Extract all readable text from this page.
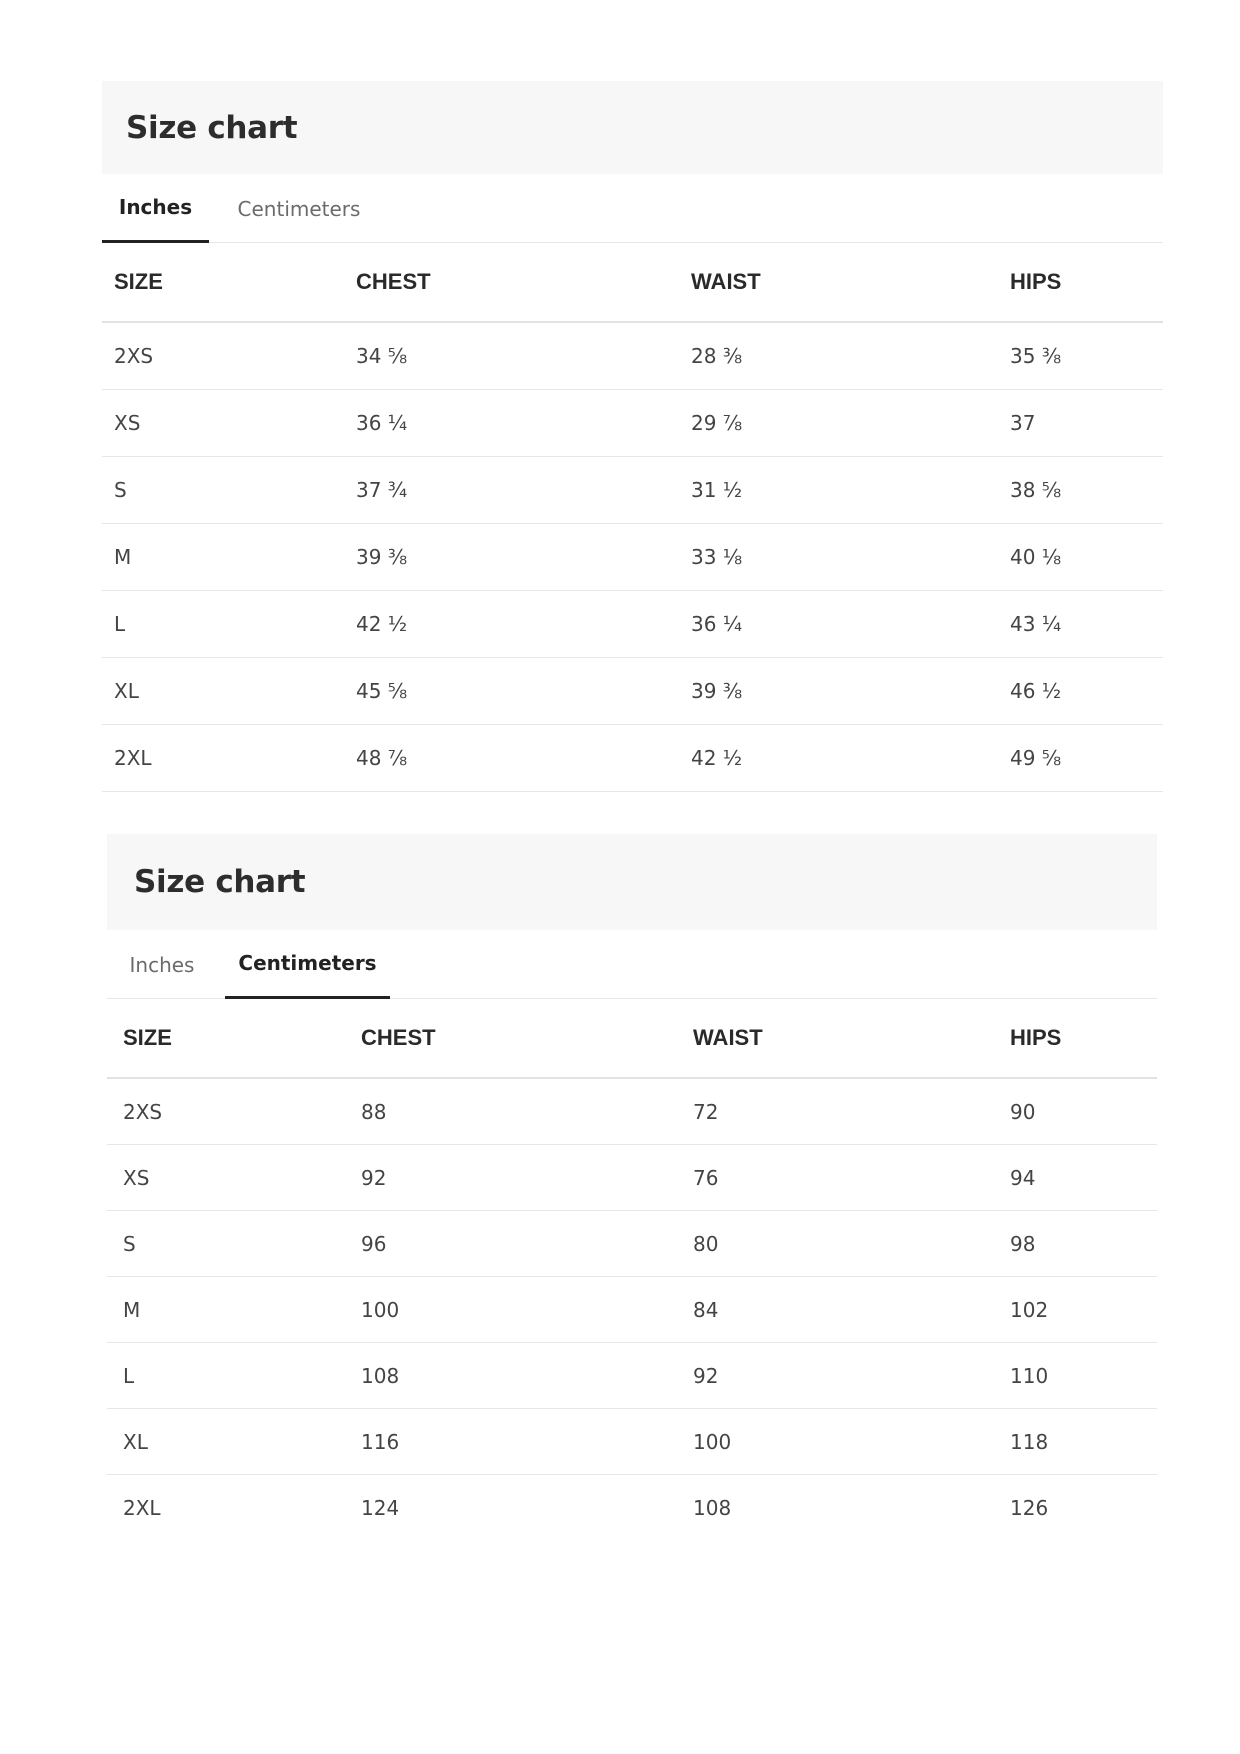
Size chart
Inches	Centimeters
SIZE	CHEST	WAIST	HIPS

2XS	34 ⅝	28 ⅜	35 ⅜

XS	36 ¼	29 ⅞	37

S	37 ¾	31 ½	38 ⅝

M	39 ⅜	33 ⅛	40 ⅛

L	42 ½	36 ¼	43 ¼

XL	45 ⅝	39 ⅜	46 ½

2XL	48 ⅞	42 ½	49 ⅝
Size chart
Inches	Centimeters
SIZE	CHEST	WAIST	HIPS

2XS	88	72	90

XS	92	76	94

S	96	80	98

M	100	84	102

L	108	92	110

XL	116	100	118

2XL	124	108	126
